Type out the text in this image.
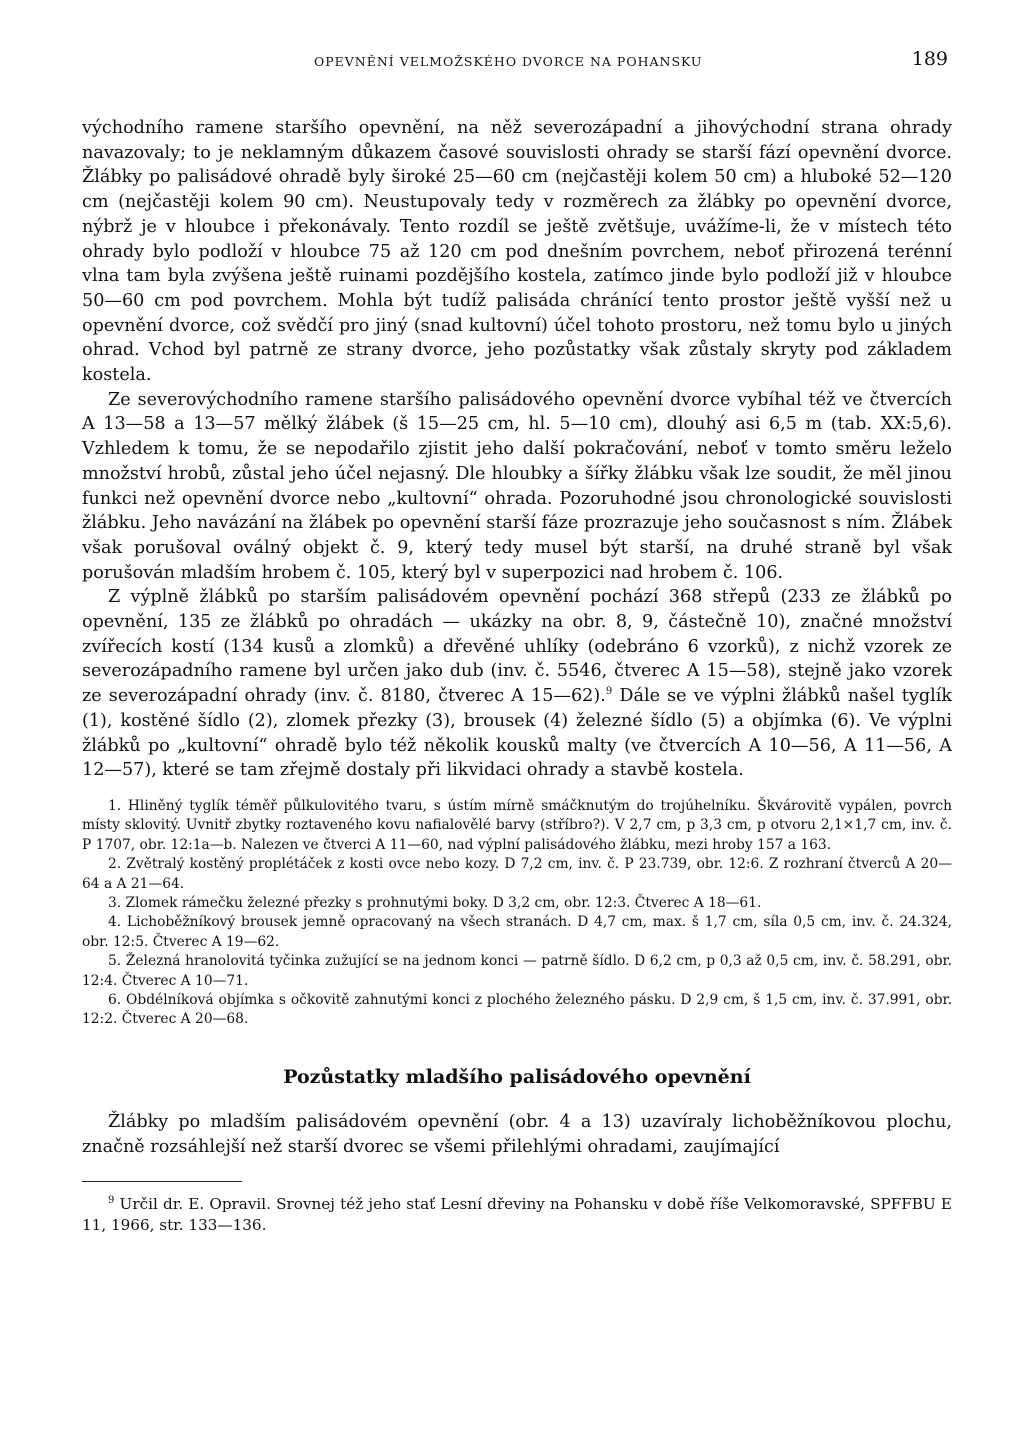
OPEVNĚNÍ VELMOŽSKÉHO DVORCE NA POHANSKU	189

východního ramene staršího opevnění, na něž severozápadní a jihovýchodní strana ohrady navazovaly; to je neklamným důkazem časové souvislosti ohrady se starší fází opevnění dvorce. Žlábky po palisádové ohradě byly široké 25—60 cm (nejčastěji kolem 50 cm) a hluboké 52—120 cm (nejčastěji kolem 90 cm). Neustupovaly tedy v rozměrech za žlábky po opevnění dvorce, nýbrž je v hloubce i překonávaly. Tento rozdíl se ještě zvětšuje, uvážíme-li, že v místech této ohrady bylo podloží v hloubce 75 až 120 cm pod dnešním povrchem, neboť přirozená terénní vlna tam byla zvýšena ještě ruinami pozdějšího kostela, zatímco jinde bylo podloží již v hloubce 50—60 cm pod povrchem. Mohla být tudíž palisáda chránící tento prostor ještě vyšší než u opevnění dvorce, což svědčí pro jiný (snad kultovní) účel tohoto prostoru, než tomu bylo u jiných ohrad. Vchod byl patrně ze strany dvorce, jeho pozůstatky však zůstaly skryty pod základem kostela.

Ze severovýchodního ramene staršího palisádového opevnění dvorce vybíhal též ve čtvercích A 13—58 a 13—57 mělký žlábek (š 15—25 cm, hl. 5—10 cm), dlouhý asi 6,5 m (tab. XX:5,6). Vzhledem k tomu, že se nepodařilo zjistit jeho další pokračování, neboť v tomto směru leželo množství hrobů, zůstal jeho účel nejasný. Dle hloubky a šířky žlábku však lze soudit, že měl jinou funkci než opevnění dvorce nebo „kultovní“ ohrada. Pozoruhodné jsou chronologické souvislosti žlábku. Jeho navázání na žlábek po opevnění starší fáze prozrazuje jeho současnost s ním. Žlábek však porušoval oválný objekt č. 9, který tedy musel být starší, na druhé straně byl však porušován mladším hrobem č. 105, který byl v superpozici nad hrobem č. 106.

Z výplně žlábků po starším palisádovém opevnění pochází 368 střepů (233 ze žlábků po opevnění, 135 ze žlábků po ohradách — ukázky na obr. 8, 9, částečně 10), značné množství zvířecích kostí (134 kusů a zlomků) a dřevěné uhlíky (odebráno 6 vzorků), z nichž vzorek ze severozápadního ramene byl určen jako dub (inv. č. 5546, čtverec A 15—58), stejně jako vzorek ze severozápadní ohrady (inv. č. 8180, čtverec A 15—62).$^9$ Dále se ve výplni žlábků našel tyglík (1), kostěné šídlo (2), zlomek přezky (3), brousek (4) železné šídlo (5) a objímka (6). Ve výplni žlábků po „kultovní“ ohradě bylo též několik kousků malty (ve čtvercích A 10—56, A 11—56, A 12—57), které se tam zřejmě dostaly při likvidaci ohrady a stavbě kostela.

1. Hliněný tyglík téměř půlkulovitého tvaru, s ústím mírně smáčknutým do trojúhelníku. Škvárovitě vypálen, povrch místy sklovitý. Uvnitř zbytky roztaveného kovu nafialovělé barvy (stříbro?). V 2,7 cm, p 3,3 cm, p otvoru 2,1×1,7 cm, inv. č. P 1707, obr. 12:1a—b. Nalezen ve čtverci A 11—60, nad výplní palisádového žlábku, mezi hroby 157 a 163.

2. Zvětralý kostěný proplétáček z kosti ovce nebo kozy. D 7,2 cm, inv. č. P 23.739, obr. 12:6. Z rozhraní čtverců A 20—64 a A 21—64.

3. Zlomek rámečku železné přezky s prohnutými boky. D 3,2 cm, obr. 12:3. Čtverec A 18—61.

4. Lichoběžníkový brousek jemně opracovaný na všech stranách. D 4,7 cm, max. š 1,7 cm, síla 0,5 cm, inv. č. 24.324, obr. 12:5. Čtverec A 19—62.

5. Železná hranolovitá tyčinka zužující se na jednom konci — patrně šídlo. D 6,2 cm, p 0,3 až 0,5 cm, inv. č. 58.291, obr. 12:4. Čtverec A 10—71.

6. Obdélníková objímka s očkovitě zahnutými konci z plochého železného pásku. D 2,9 cm, š 1,5 cm, inv. č. 37.991, obr. 12:2. Čtverec A 20—68.

Pozůstatky mladšího palisádového opevnění

Žlábky po mladším palisádovém opevnění (obr. 4 a 13) uzavíraly lichoběžníkovou plochu, značně rozsáhlejší než starší dvorec se všemi přilehlými ohradami, zaujímající

$^9$ Určil dr. E. Opravil. Srovnej též jeho stať Lesní dřeviny na Pohansku v době říše Velkomoravské, SPFFBU E 11, 1966, str. 133—136.
